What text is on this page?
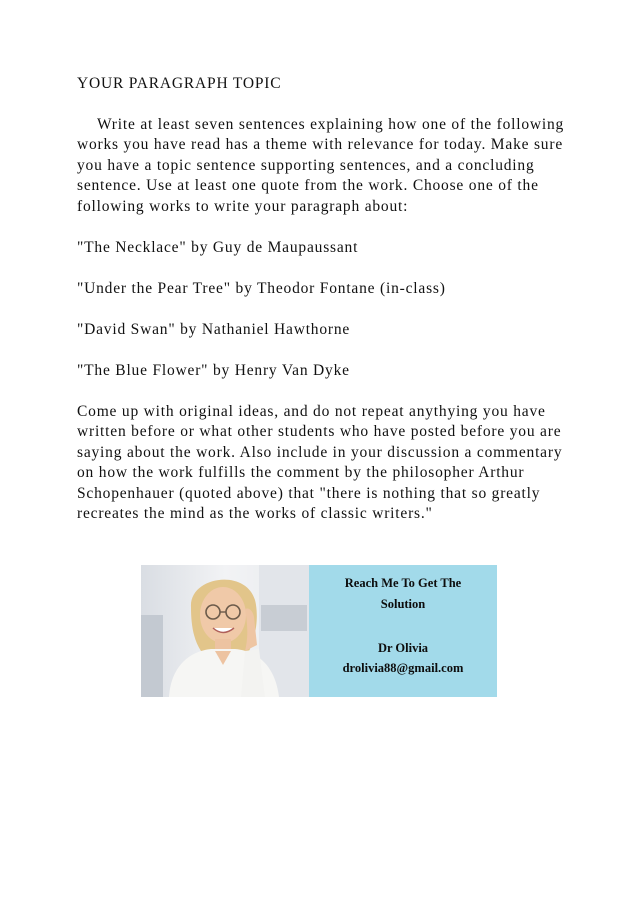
YOUR PARAGRAPH TOPIC

Write at least seven sentences explaining how one of the following works you have read has a theme with relevance for today. Make sure you have a topic sentence supporting sentences, and a concluding sentence. Use at least one quote from the work. Choose one of the following works to write your paragraph about:

"The Necklace" by Guy de Maupaussant

"Under the Pear Tree" by Theodor Fontane (in-class)

"David Swan" by Nathaniel Hawthorne

"The Blue Flower" by Henry Van Dyke

Come up with original ideas, and do not repeat anythying you have written before or what other students who have posted before you are saying about the work. Also include in your discussion a commentary on how the work fulfills the comment by the philosopher Arthur Schopenhauer (quoted above) that "there is nothing that so greatly recreates the mind as the works of classic writers."

Reach Me To Get The
Solution
Dr Olivia
drolivia88@gmail.com
